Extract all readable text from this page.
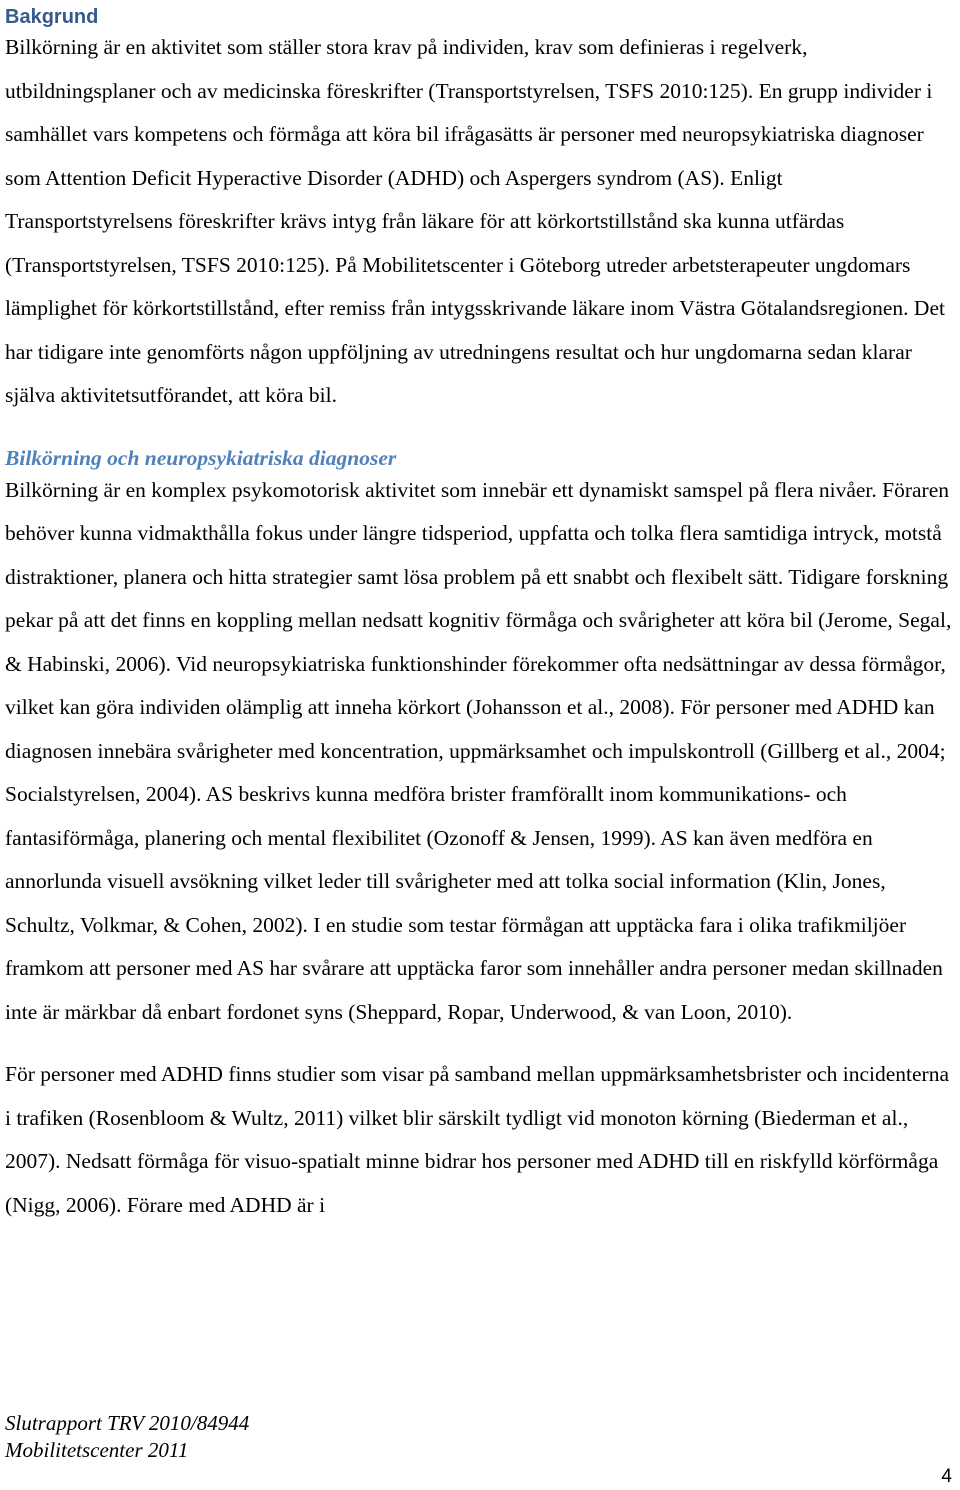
Bakgrund

Bilkörning är en aktivitet som ställer stora krav på individen, krav som definieras i regelverk, utbildningsplaner och av medicinska föreskrifter (Transportstyrelsen, TSFS 2010:125). En grupp individer i samhället vars kompetens och förmåga att köra bil ifrågasätts är personer med neuropsykiatriska diagnoser som Attention Deficit Hyperactive Disorder (ADHD) och Aspergers syndrom (AS). Enligt Transportstyrelsens föreskrifter krävs intyg från läkare för att körkortstillstånd ska kunna utfärdas (Transportstyrelsen, TSFS 2010:125). På Mobilitetscenter i Göteborg utreder arbetsterapeuter ungdomars lämplighet för körkortstillstånd, efter remiss från intygsskrivande läkare inom Västra Götalandsregionen. Det har tidigare inte genomförts någon uppföljning av utredningens resultat och hur ungdomarna sedan klarar själva aktivitetsutförandet, att köra bil.

Bilkörning och neuropsykiatriska diagnoser

Bilkörning är en komplex psykomotorisk aktivitet som innebär ett dynamiskt samspel på flera nivåer. Föraren behöver kunna vidmakthålla fokus under längre tidsperiod, uppfatta och tolka flera samtidiga intryck, motstå distraktioner, planera och hitta strategier samt lösa problem på ett snabbt och flexibelt sätt. Tidigare forskning pekar på att det finns en koppling mellan nedsatt kognitiv förmåga och svårigheter att köra bil (Jerome, Segal, & Habinski, 2006). Vid neuropsykiatriska funktionshinder förekommer ofta nedsättningar av dessa förmågor, vilket kan göra individen olämplig att inneha körkort (Johansson et al., 2008). För personer med ADHD kan diagnosen innebära svårigheter med koncentration, uppmärksamhet och impulskontroll (Gillberg et al., 2004; Socialstyrelsen, 2004). AS beskrivs kunna medföra brister framförallt inom kommunikations- och fantasiförmåga, planering och mental flexibilitet (Ozonoff & Jensen, 1999). AS kan även medföra en annorlunda visuell avsökning vilket leder till svårigheter med att tolka social information (Klin, Jones, Schultz, Volkmar, & Cohen, 2002). I en studie som testar förmågan att upptäcka fara i olika trafikmiljöer framkom att personer med AS har svårare att upptäcka faror som innehåller andra personer medan skillnaden inte är märkbar då enbart fordonet syns (Sheppard, Ropar, Underwood, & van Loon, 2010).

För personer med ADHD finns studier som visar på samband mellan uppmärksamhetsbrister och incidenterna i trafiken (Rosenbloom & Wultz, 2011) vilket blir särskilt tydligt vid monoton körning (Biederman et al., 2007). Nedsatt förmåga för visuo-spatialt minne bidrar hos personer med ADHD till en riskfylld körförmåga (Nigg, 2006). Förare med ADHD är i

Slutrapport TRV 2010/84944
Mobilitetscenter 2011
4
